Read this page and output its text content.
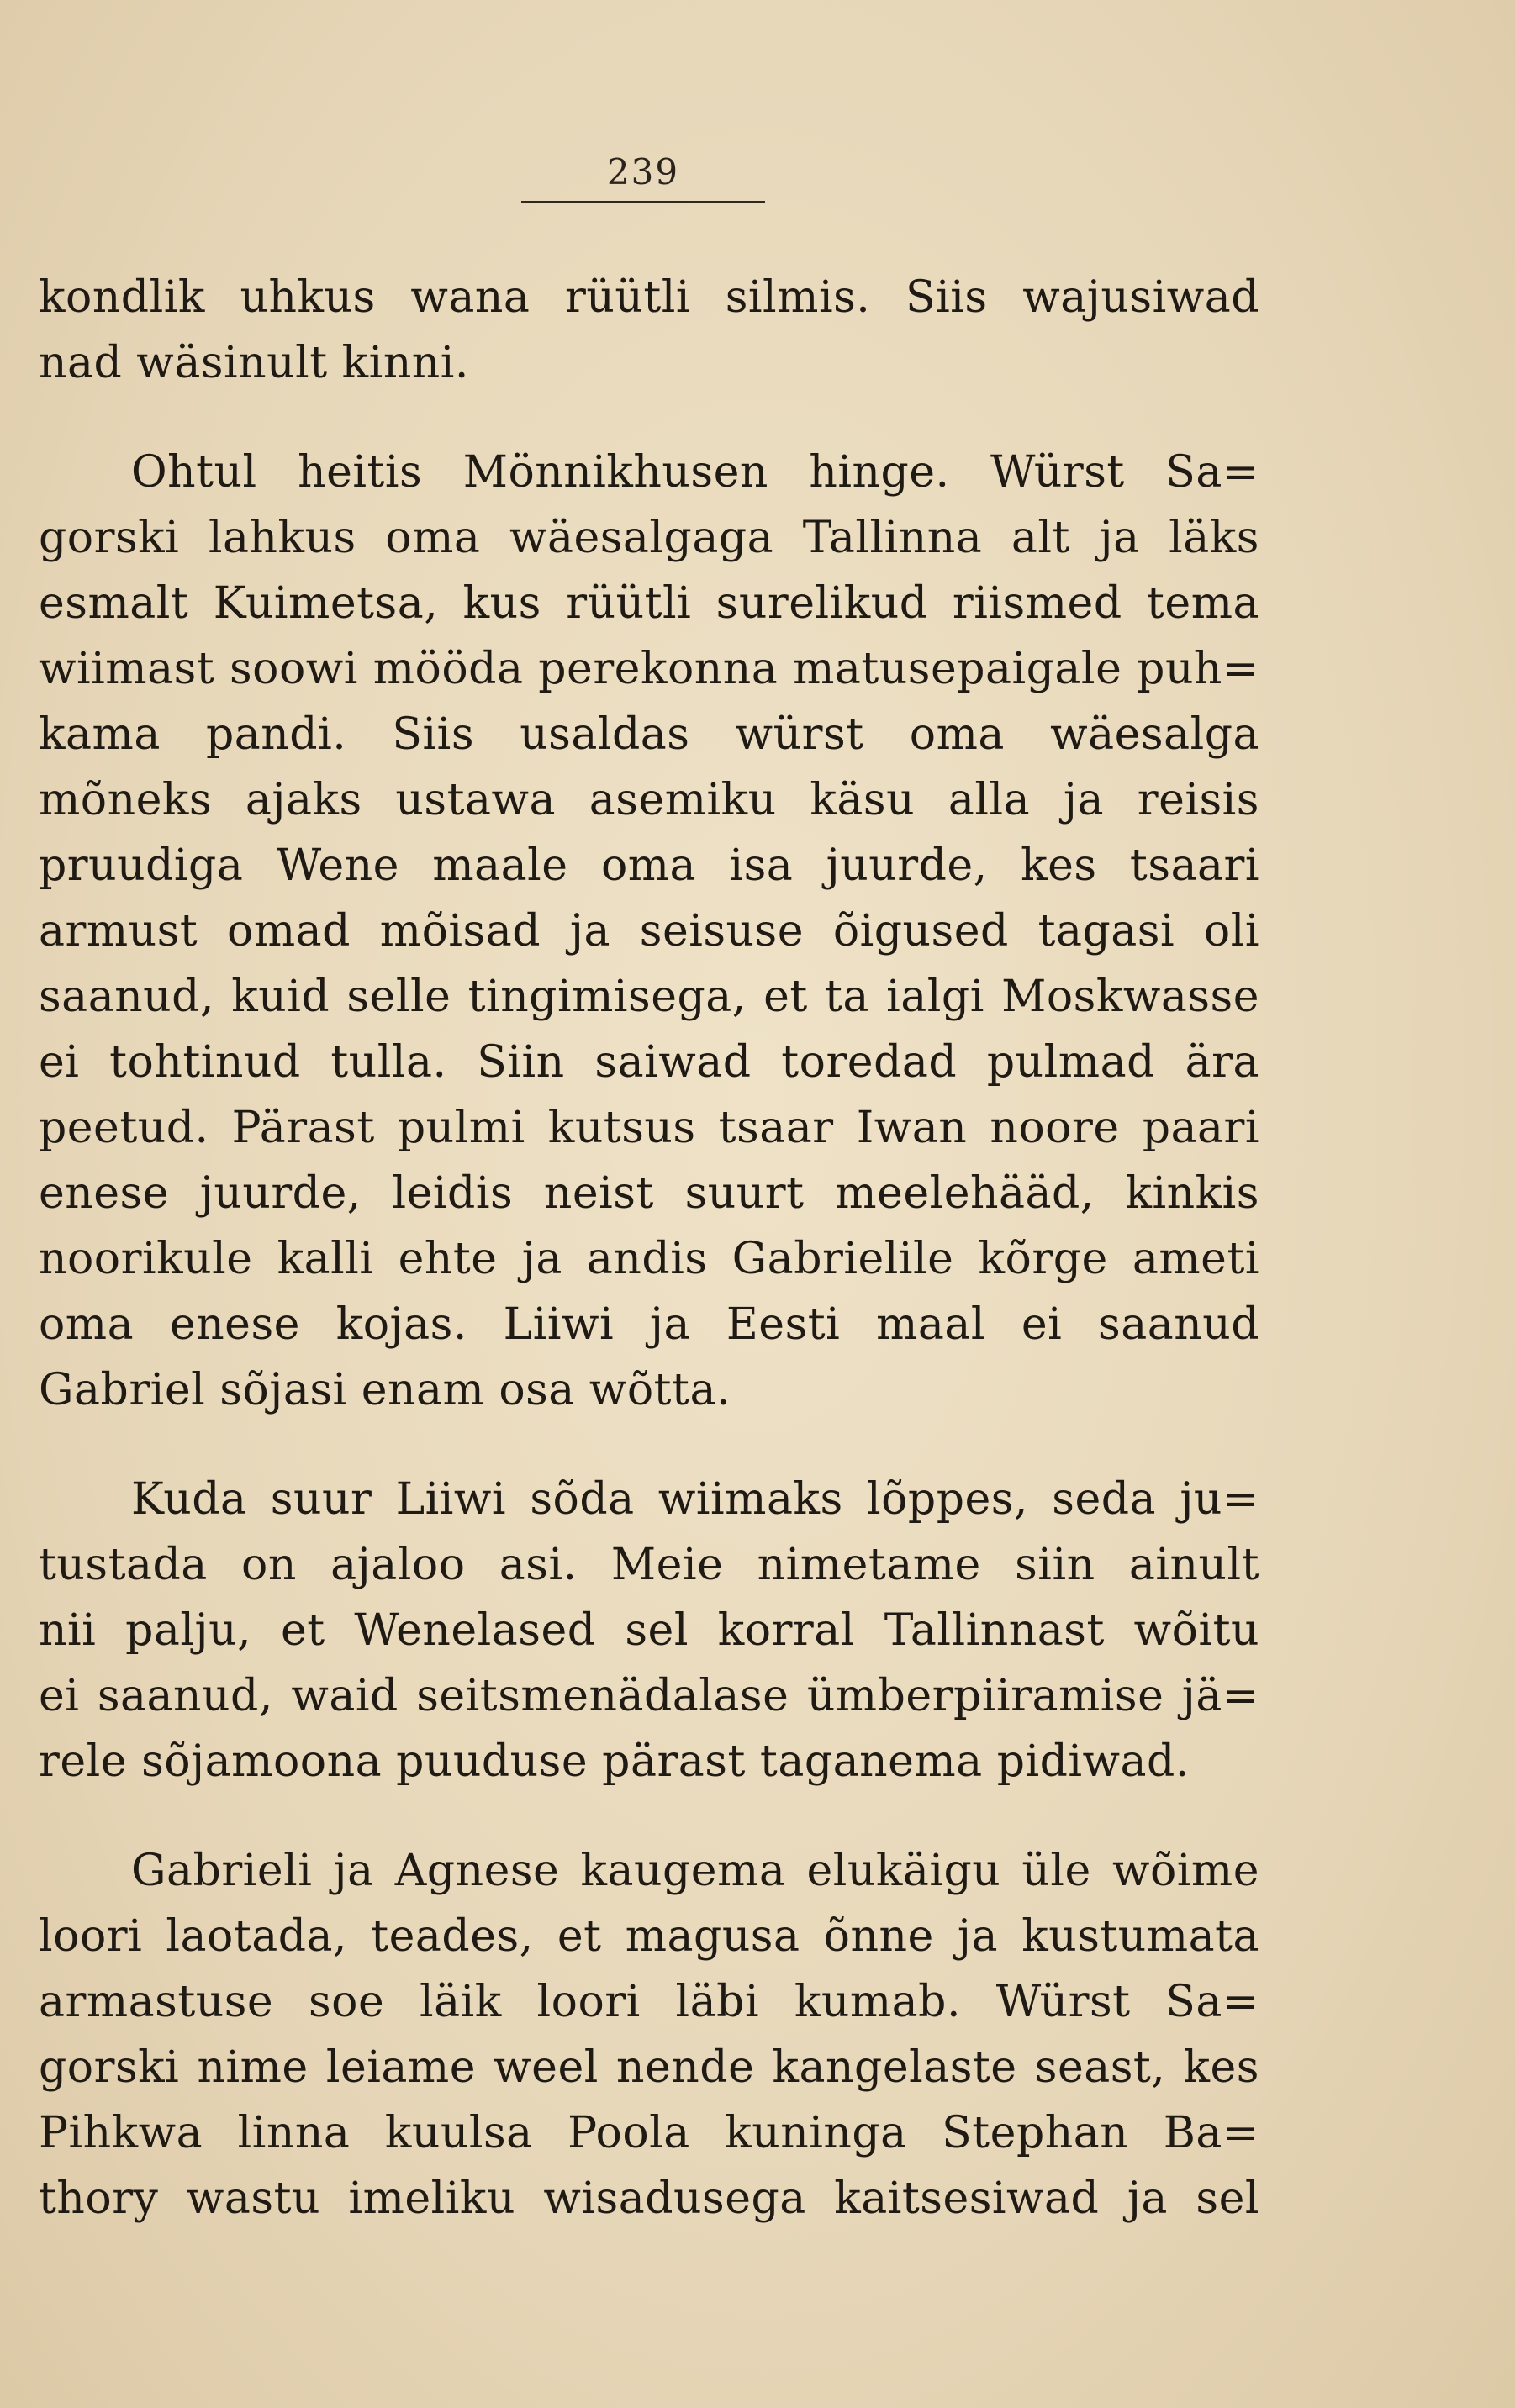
239
kondlik uhkus wana rüütli silmis. Siis wajusiwad
nad wäsinult kinni.
Ohtul heitis Mönnikhusen hinge. Würst Sa=
gorski lahkus oma wäesalgaga Tallinna alt ja läks
esmalt Kuimetsa, kus rüütli surelikud riismed tema
wiimast soowi mööda perekonna matusepaigale puh=
kama pandi. Siis usaldas würst oma wäesalga
mõneks ajaks ustawa asemiku käsu alla ja reisis
pruudiga Wene maale oma isa juurde, kes tsaari
armust omad mõisad ja seisuse õigused tagasi oli
saanud, kuid selle tingimisega, et ta ialgi Moskwasse
ei tohtinud tulla. Siin saiwad toredad pulmad ära
peetud. Pärast pulmi kutsus tsaar Iwan noore paari
enese juurde, leidis neist suurt meelehääd, kinkis
noorikule kalli ehte ja andis Gabrielile kõrge ameti
oma enese kojas. Liiwi ja Eesti maal ei saanud
Gabriel sõjasi enam osa wõtta.
Kuda suur Liiwi sõda wiimaks lõppes, seda ju=
tustada on ajaloo asi. Meie nimetame siin ainult
nii palju, et Wenelased sel korral Tallinnast wõitu
ei saanud, waid seitsmenädalase ümberpiiramise jä=
rele sõjamoona puuduse pärast taganema pidiwad.
Gabrieli ja Agnese kaugema elukäigu üle wõime
loori laotada, teades, et magusa õnne ja kustumata
armastuse soe läik loori läbi kumab. Würst Sa=
gorski nime leiame weel nende kangelaste seast, kes
Pihkwa linna kuulsa Poola kuninga Stephan Ba=
thory wastu imeliku wisadusega kaitsesiwad ja sel
